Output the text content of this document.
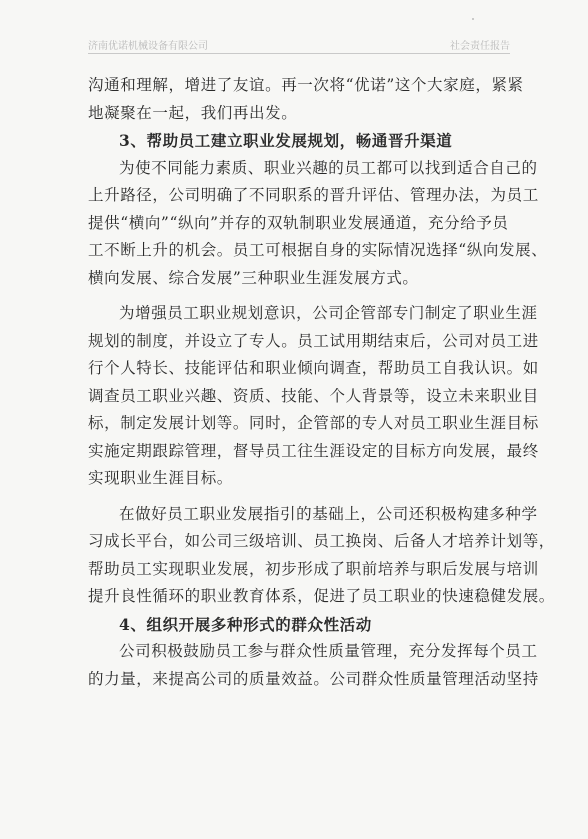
济南优诺机械设备有限公司	社会责任报告
沟通和理解，增进了友谊。再一次将“优诺”这个大家庭，紧紧
地凝聚在一起，我们再出发。
3、帮助员工建立职业发展规划，畅通晋升渠道
为使不同能力素质、职业兴趣的员工都可以找到适合自己的
上升路径，公司明确了不同职系的晋升评估、管理办法，为员工
提供“横向”“纵向”并存的双轨制职业发展通道，充分给予员
工不断上升的机会。员工可根据自身的实际情况选择“纵向发展、
横向发展、综合发展”三种职业生涯发展方式。
为增强员工职业规划意识，公司企管部专门制定了职业生涯
规划的制度，并设立了专人。员工试用期结束后，公司对员工进
行个人特长、技能评估和职业倾向调查，帮助员工自我认识。如
调查员工职业兴趣、资质、技能、个人背景等，设立未来职业目
标，制定发展计划等。同时，企管部的专人对员工职业生涯目标
实施定期跟踪管理，督导员工往生涯设定的目标方向发展，最终
实现职业生涯目标。
在做好员工职业发展指引的基础上，公司还积极构建多种学
习成长平台，如公司三级培训、员工换岗、后备人才培养计划等，
帮助员工实现职业发展，初步形成了职前培养与职后发展与培训
提升良性循环的职业教育体系，促进了员工职业的快速稳健发展。
4、组织开展多种形式的群众性活动
公司积极鼓励员工参与群众性质量管理，充分发挥每个员工
的力量，来提高公司的质量效益。公司群众性质量管理活动坚持
